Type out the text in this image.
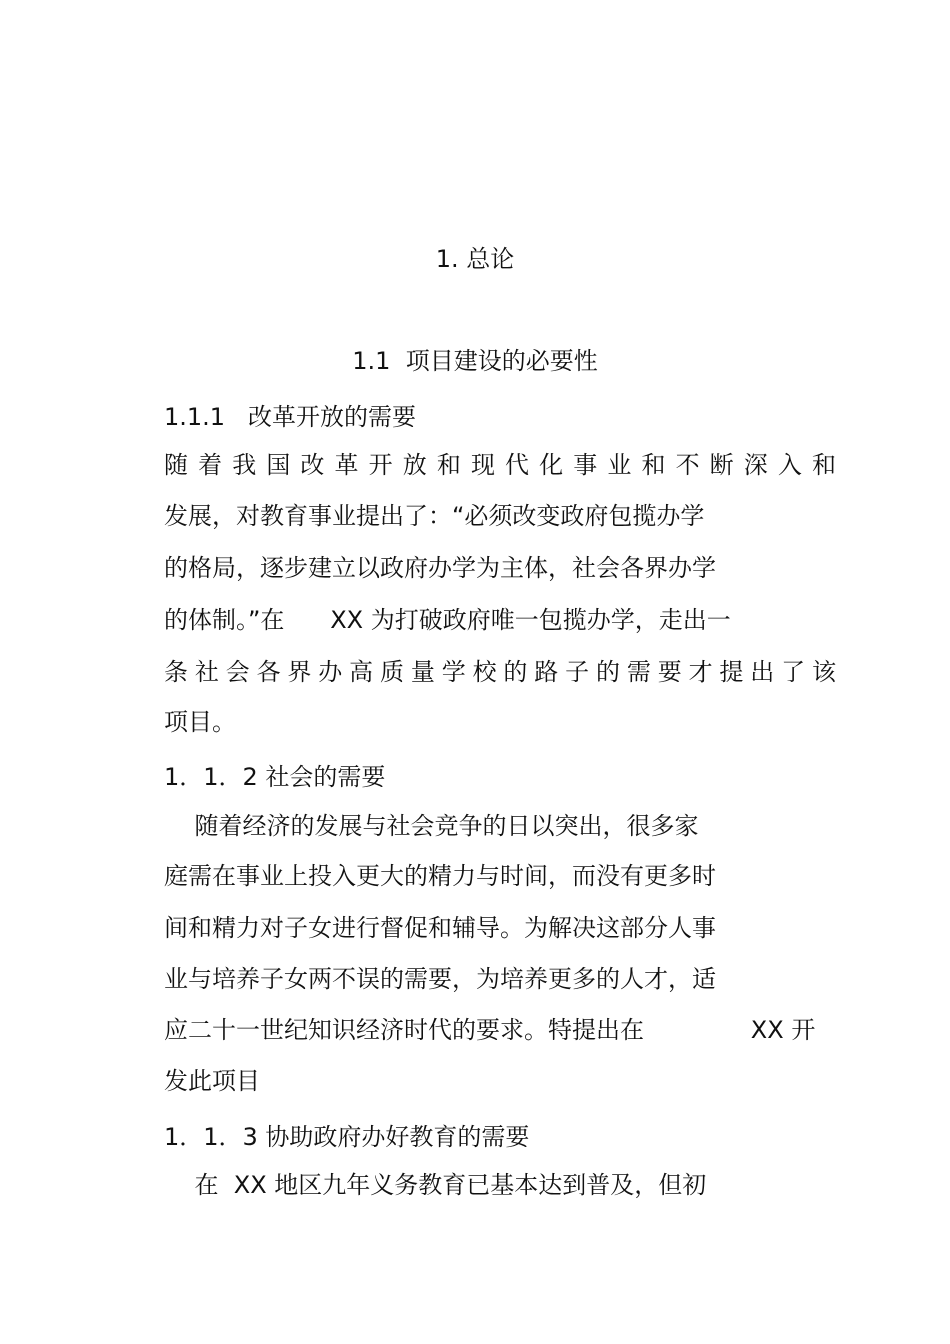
1. 总论

1.1  项目建设的必要性

1.1.1   改革开放的需要

随着我国改革开放和现代化事业和不断深入和

发展，对教育事业提出了：“必须改变政府包揽办学

的格局，逐步建立以政府办学为主体，社会各界办学

的体制。”在      XX 为打破政府唯一包揽办学，走出一

条社会各界办高质量学校的路子的需要才提出了该

项目。

1．1．2 社会的需要

随着经济的发展与社会竞争的日以突出，很多家

庭需在事业上投入更大的精力与时间，而没有更多时

间和精力对子女进行督促和辅导。为解决这部分人事

业与培养子女两不误的需要，为培养更多的人才，适

应二十一世纪知识经济时代的要求。特提出在              XX 开

发此项目

1．1．3 协助政府办好教育的需要

在  XX 地区九年义务教育已基本达到普及，但初
